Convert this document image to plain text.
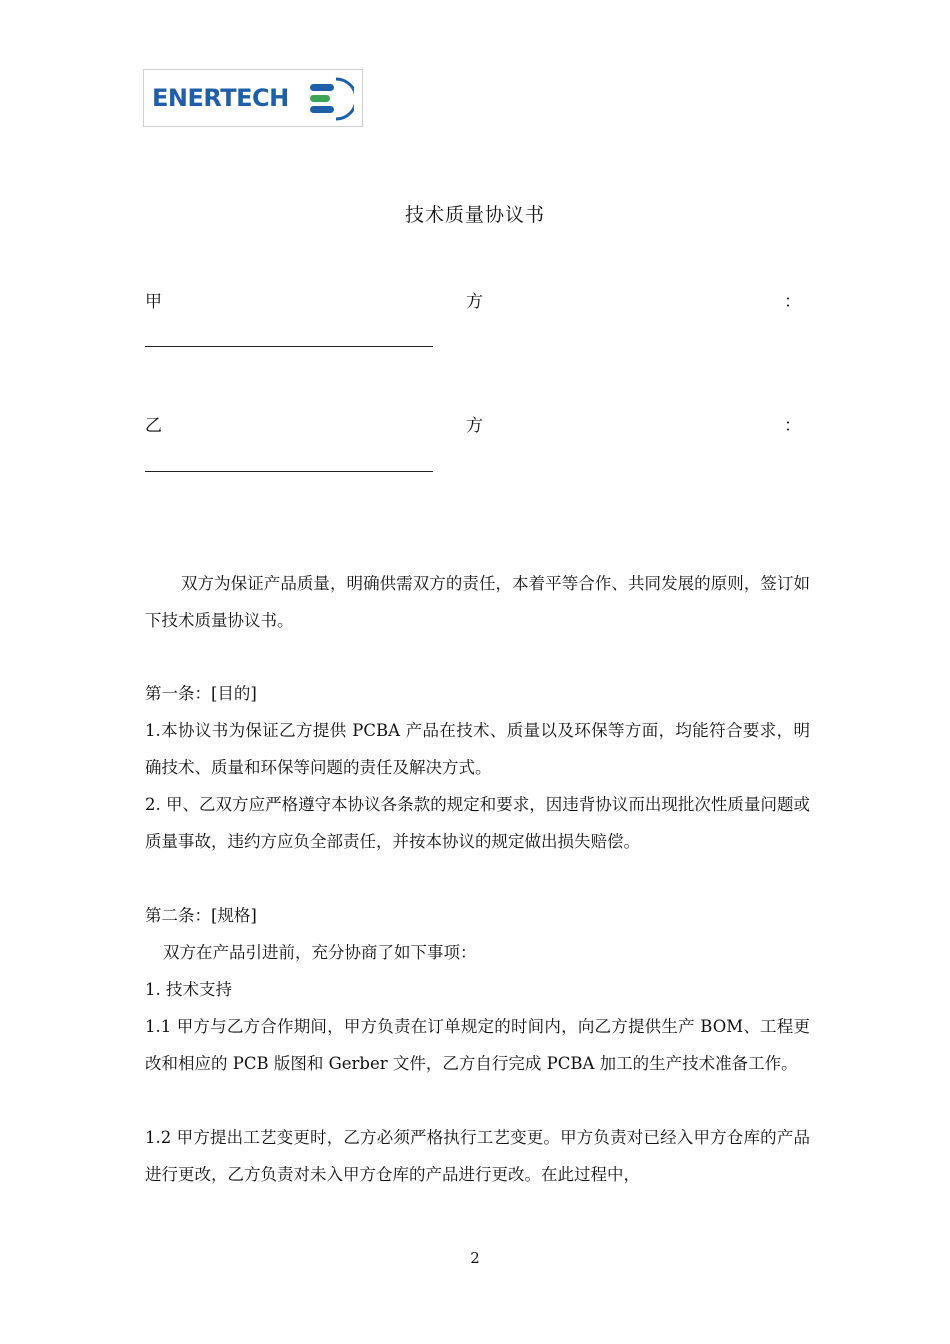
ENERTECH
技术质量协议书
甲	方	：
乙	方	：
双方为保证产品质量，明确供需双方的责任，本着平等合作、共同发展的原则，签订如下技术质量协议书。
第一条：[目的]
1.本协议书为保证乙方提供 PCBA 产品在技术、质量以及环保等方面，均能符合要求，明确技术、质量和环保等问题的责任及解决方式。
2. 甲、乙双方应严格遵守本协议各条款的规定和要求，因违背协议而出现批次性质量问题或质量事故，违约方应负全部责任，并按本协议的规定做出损失赔偿。
第二条：[规格]
双方在产品引进前，充分协商了如下事项：
1. 技术支持
1.1 甲方与乙方合作期间，甲方负责在订单规定的时间内，向乙方提供生产 BOM、工程更改和相应的 PCB 版图和 Gerber 文件，乙方自行完成 PCBA 加工的生产技术准备工作。
1.2 甲方提出工艺变更时，乙方必须严格执行工艺变更。甲方负责对已经入甲方仓库的产品进行更改，乙方负责对未入甲方仓库的产品进行更改。在此过程中，
2
